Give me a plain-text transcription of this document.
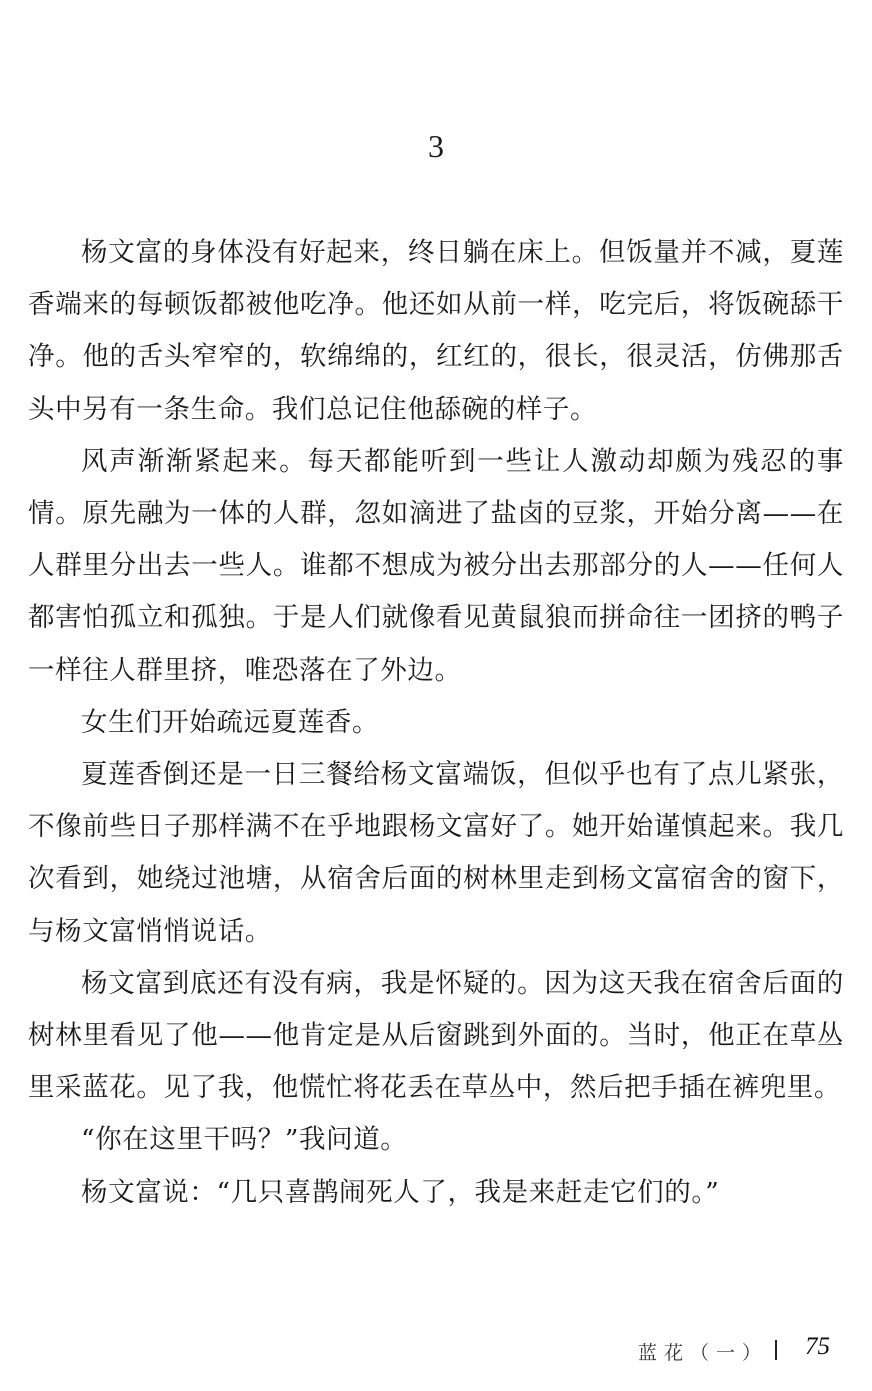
3

杨文富的身体没有好起来，终日躺在床上。但饭量并不减，夏莲香端来的每顿饭都被他吃净。他还如从前一样，吃完后，将饭碗舔干净。他的舌头窄窄的，软绵绵的，红红的，很长，很灵活，仿佛那舌头中另有一条生命。我们总记住他舔碗的样子。

风声渐渐紧起来。每天都能听到一些让人激动却颇为残忍的事情。原先融为一体的人群，忽如滴进了盐卤的豆浆，开始分离——在人群里分出去一些人。谁都不想成为被分出去那部分的人——任何人都害怕孤立和孤独。于是人们就像看见黄鼠狼而拼命往一团挤的鸭子一样往人群里挤，唯恐落在了外边。

女生们开始疏远夏莲香。

夏莲香倒还是一日三餐给杨文富端饭，但似乎也有了点儿紧张，不像前些日子那样满不在乎地跟杨文富好了。她开始谨慎起来。我几次看到，她绕过池塘，从宿舍后面的树林里走到杨文富宿舍的窗下，与杨文富悄悄说话。

杨文富到底还有没有病，我是怀疑的。因为这天我在宿舍后面的树林里看见了他——他肯定是从后窗跳到外面的。当时，他正在草丛里采蓝花。见了我，他慌忙将花丢在草丛中，然后把手插在裤兜里。

“你在这里干吗？”我问道。

杨文富说：“几只喜鹊闹死人了，我是来赶走它们的。”

蓝花（一） 75
